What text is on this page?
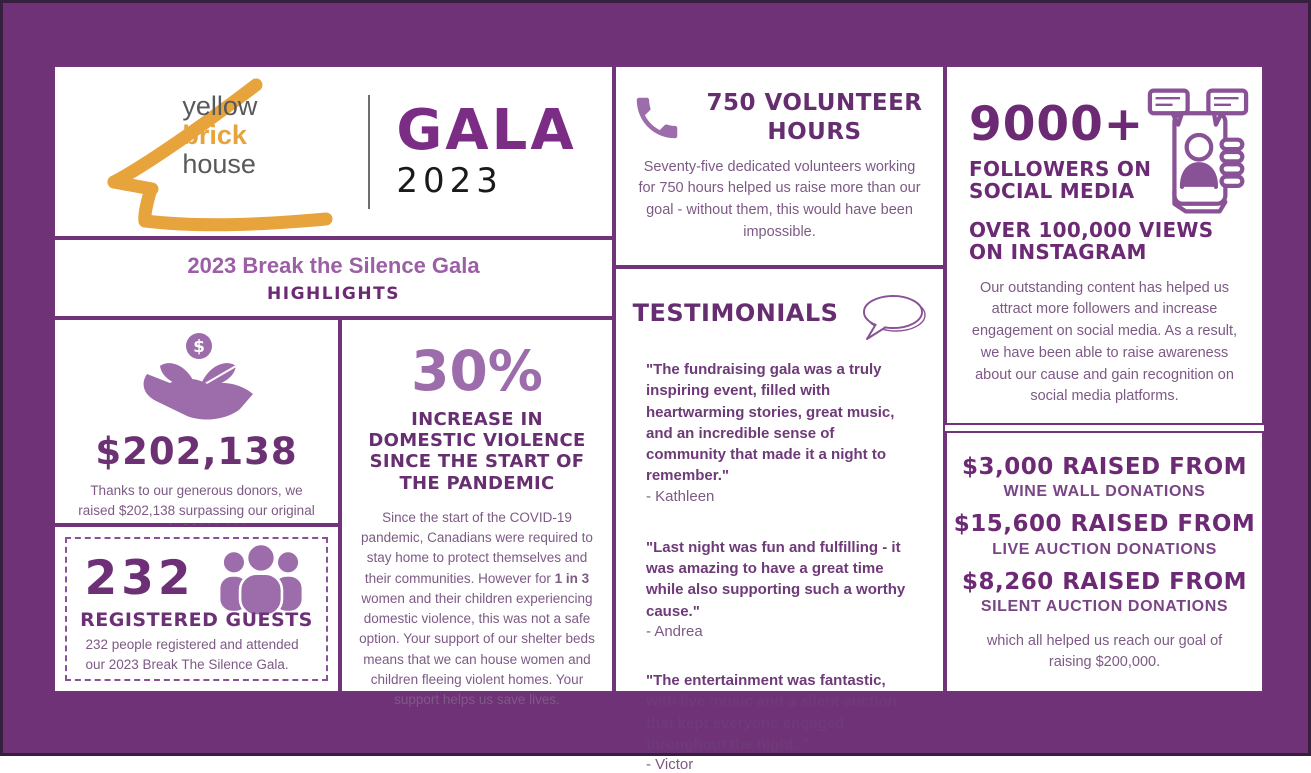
yellow
brick
house
GALA
2023
2023 Break the Silence Gala
HIGHLIGHTS
$
$202,138
Thanks to our generous donors, we raised $202,138 surpassing our original
232
REGISTERED GUESTS
232 people registered and attended our 2023 Break The Silence Gala.
30%
INCREASE IN DOMESTIC VIOLENCE SINCE THE START OF THE PANDEMIC
Since the start of the COVID-19 pandemic, Canadians were required to stay home to protect themselves and their communities. However for 1 in 3 women and their children experiencing domestic violence, this was not a safe option. Your support of our shelter beds means that we can house women and children fleeing violent homes. Your support helps us save lives.
750 VOLUNTEER HOURS
Seventy-five dedicated volunteers working for 750 hours helped us raise more than our goal - without them, this would have been impossible.
TESTIMONIALS
"The fundraising gala was a truly inspiring event, filled with heartwarming stories, great music, and an incredible sense of community that made it a night to remember."
- Kathleen
"Last night was fun and fulfilling - it was amazing to have a great time while also supporting such a worthy cause."
- Andrea
"The entertainment was fantastic, with live music and a silent auction that kept everyone engaged throughout the night. "
- Victor
9000+
FOLLOWERS ON SOCIAL MEDIA
OVER 100,000 VIEWS ON INSTAGRAM
Our outstanding content has helped us attract more followers and increase engagement on social media. As a result, we have been able to raise awareness about our cause and gain recognition on social media platforms.
$3,000 RAISED FROM
WINE WALL DONATIONS
$15,600 RAISED FROM
LIVE AUCTION DONATIONS
$8,260 RAISED FROM
SILENT AUCTION DONATIONS
which all helped us reach our goal of raising $200,000.
